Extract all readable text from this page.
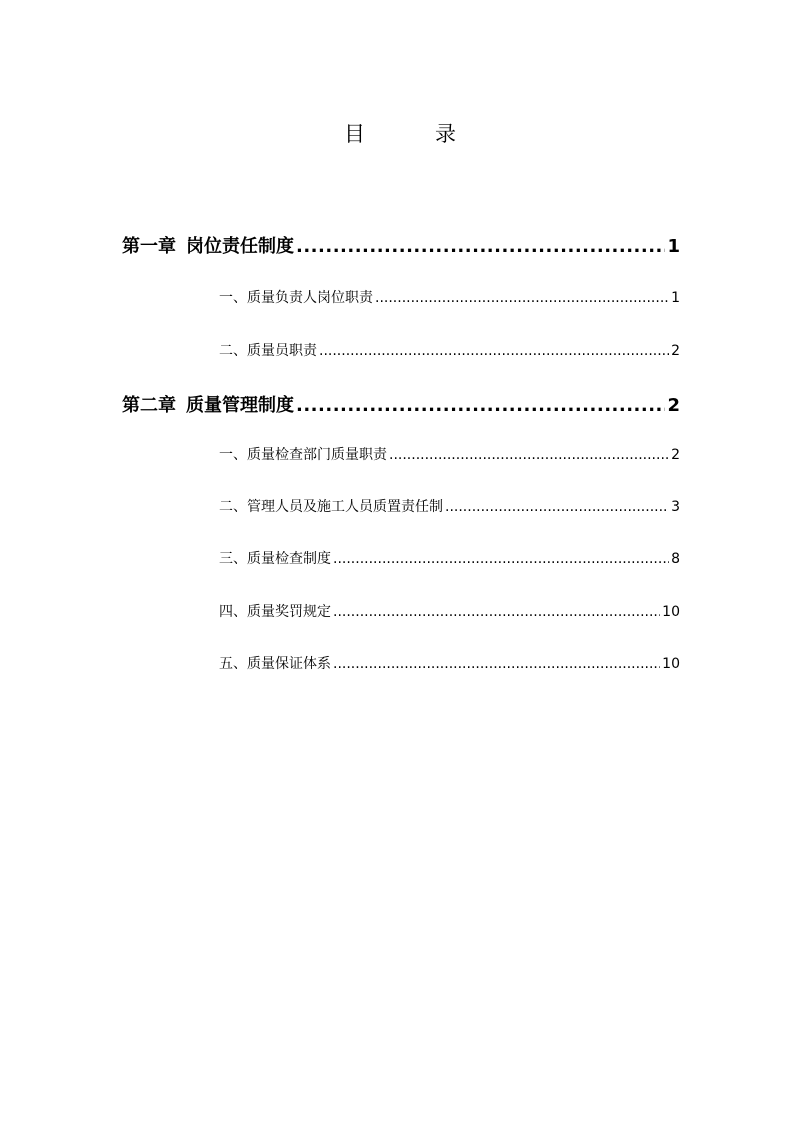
目	录
第一章 岗位责任制度 .....	1
一、质量负责人岗位职责 .....	1
二、质量员职责 .....	2
第二章 质量管理制度 .....	2
一、质量检查部门质量职责 .....	2
二、管理人员及施工人员质置责任制 .....	3
三、质量检查制度 .....	8
四、质量奖罚规定 .....	10
五、质量保证体系 .....	10
